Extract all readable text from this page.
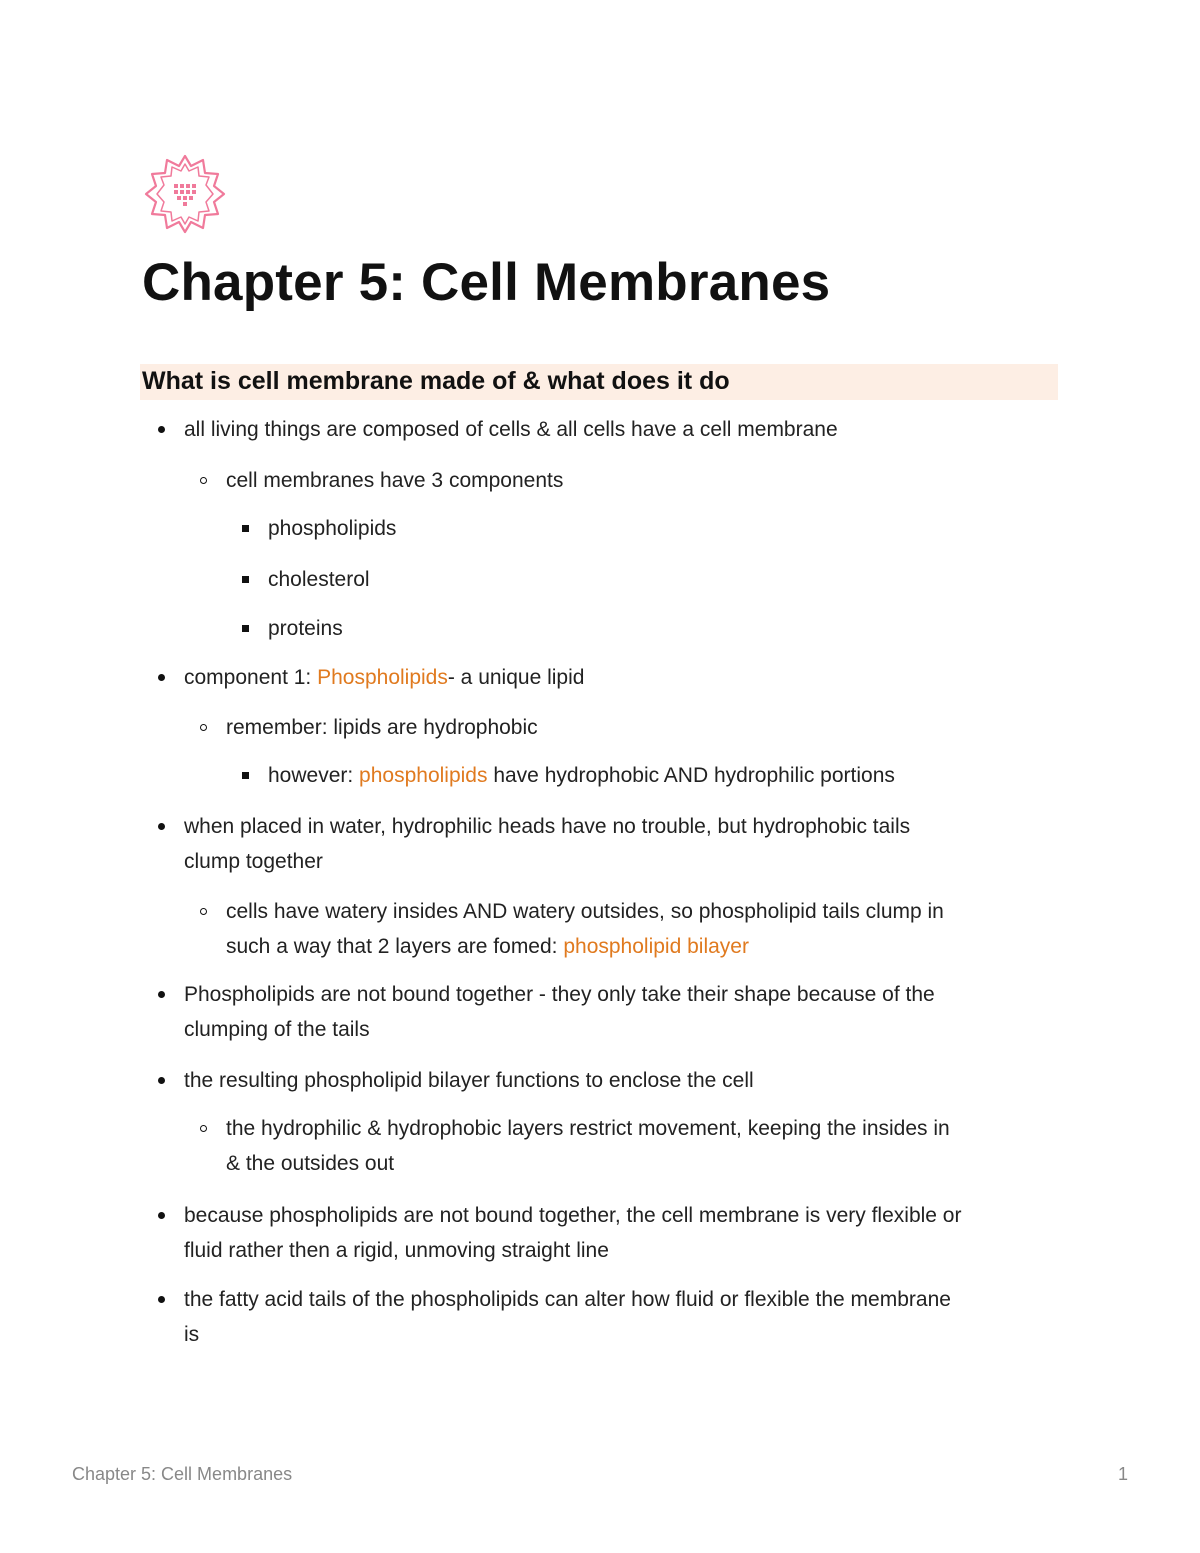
Chapter 5: Cell Membranes
What is cell membrane made of & what does it do
all living things are composed of cells & all cells have a cell membrane
cell membranes have 3 components
phospholipids
cholesterol
proteins
component 1: Phospholipids- a unique lipid
remember: lipids are hydrophobic
however: phospholipids have hydrophobic AND hydrophilic portions
when placed in water, hydrophilic heads have no trouble, but hydrophobic tails
clump together
cells have watery insides AND watery outsides, so phospholipid tails clump in
such a way that 2 layers are fomed: phospholipid bilayer
Phospholipids are not bound together - they only take their shape because of the
clumping of the tails
the resulting phospholipid bilayer functions to enclose the cell
the hydrophilic & hydrophobic layers restrict movement, keeping the insides in
& the outsides out
because phospholipids are not bound together, the cell membrane is very flexible or
fluid rather then a rigid, unmoving straight line
the fatty acid tails of the phospholipids can alter how fluid or flexible the membrane
is
Chapter 5: Cell Membranes	1
